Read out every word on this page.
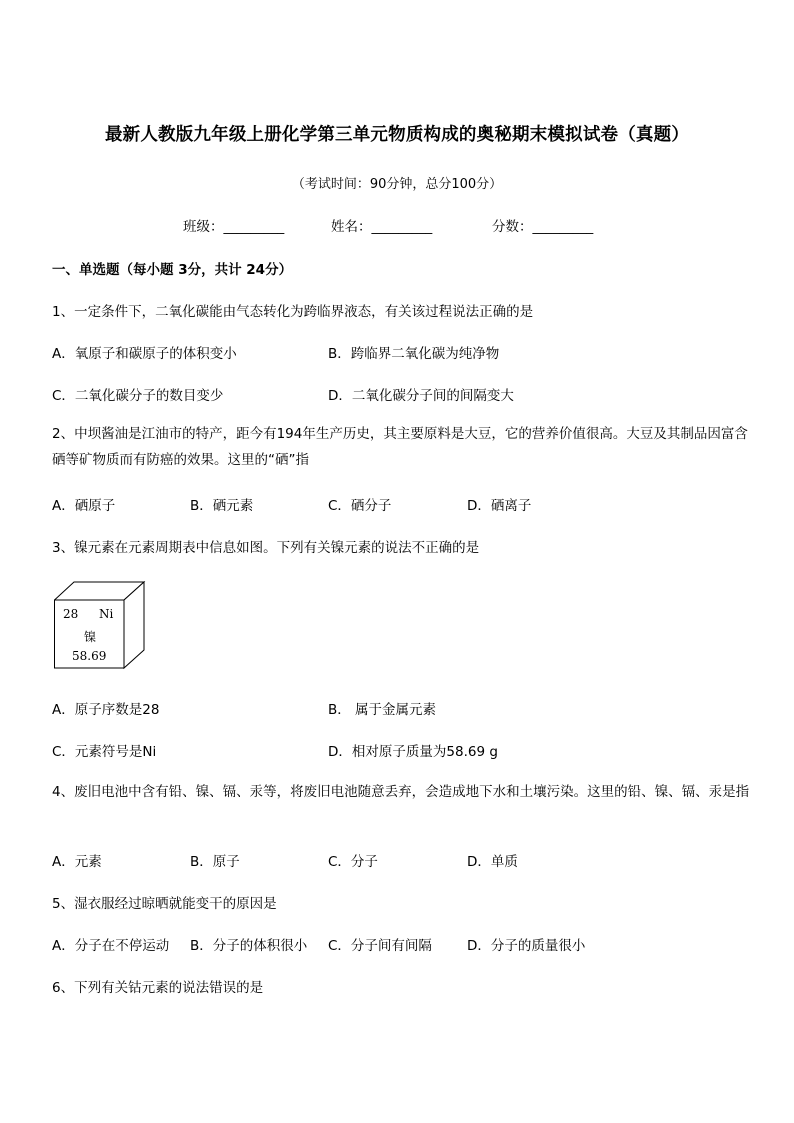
最新人教版九年级上册化学第三单元物质构成的奥秘期末模拟试卷（真题）
（考试时间：90分钟，总分100分）
班级：_________	姓名：_________	分数：_________
一、单选题（每小题 3分，共计 24分）
1、一定条件下，二氧化碳能由气态转化为跨临界液态，有关该过程说法正确的是
A．氧原子和碳原子的体积变小	B．跨临界二氧化碳为纯净物
C．二氧化碳分子的数目变少	D．二氧化碳分子间的间隔变大
2、中坝酱油是江油市的特产，距今有194年生产历史，其主要原料是大豆，它的营养价值很高。大豆及其制品因富含硒等矿物质而有防癌的效果。这里的“硒”指
A．硒原子	B．硒元素	C．硒分子	D．硒离子
3、镍元素在元素周期表中信息如图。下列有关镍元素的说法不正确的是
28 Ni
镍
58.69
A．原子序数是28	B． 属于金属元素
C．元素符号是Ni	D．相对原子质量为58.69 g
4、废旧电池中含有铅、镍、镉、汞等，将废旧电池随意丢弃，会造成地下水和土壤污染。这里的铅、镍、镉、汞是指
A．元素	B．原子	C．分子	D．单质
5、湿衣服经过晾晒就能变干的原因是
A．分子在不停运动 B．分子的体积很小 C．分子间有间隔	D．分子的质量很小
6、下列有关钴元素的说法错误的是
